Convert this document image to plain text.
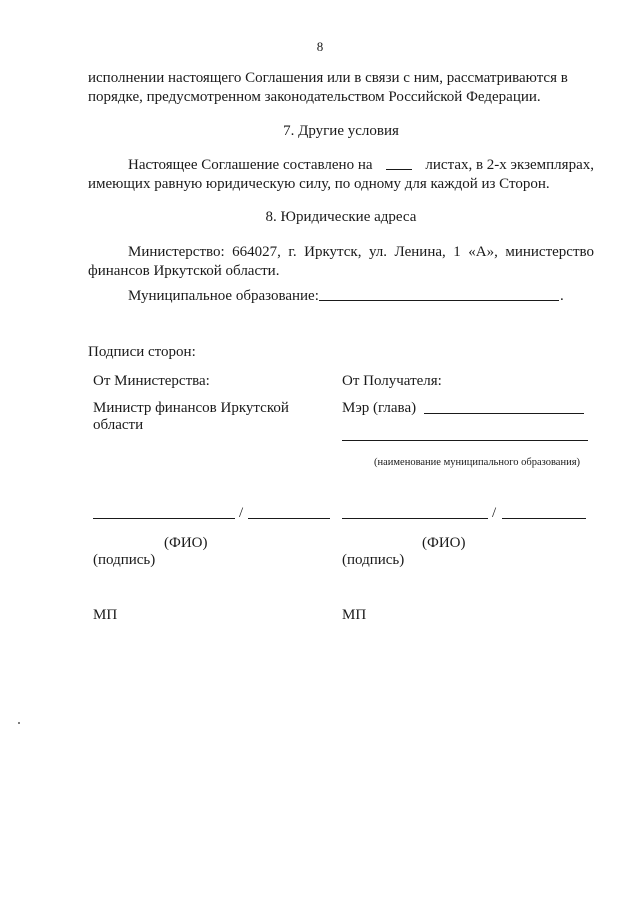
8
исполнении настоящего Соглашения или в связи с ним, рассматриваются в
порядке, предусмотренном законодательством Российской Федерации.
7. Другие условия
Настоящее Соглашение составлено на	листах, в 2-х экземплярах,
имеющих равную юридическую силу, по одному для каждой из Сторон.
8. Юридические адреса
Министерство: 664027, г. Иркутск, ул. Ленина, 1 «А», министерство
финансов Иркутской области.
Муниципальное образование:	.
Подписи сторон:
От Министерства:	От Получателя:
Министр финансов Иркутской
области
Мэр (глава)
(наименование муниципального образования)
/	/
(ФИО)	(ФИО)
(подпись)	(подпись)
МП	МП
